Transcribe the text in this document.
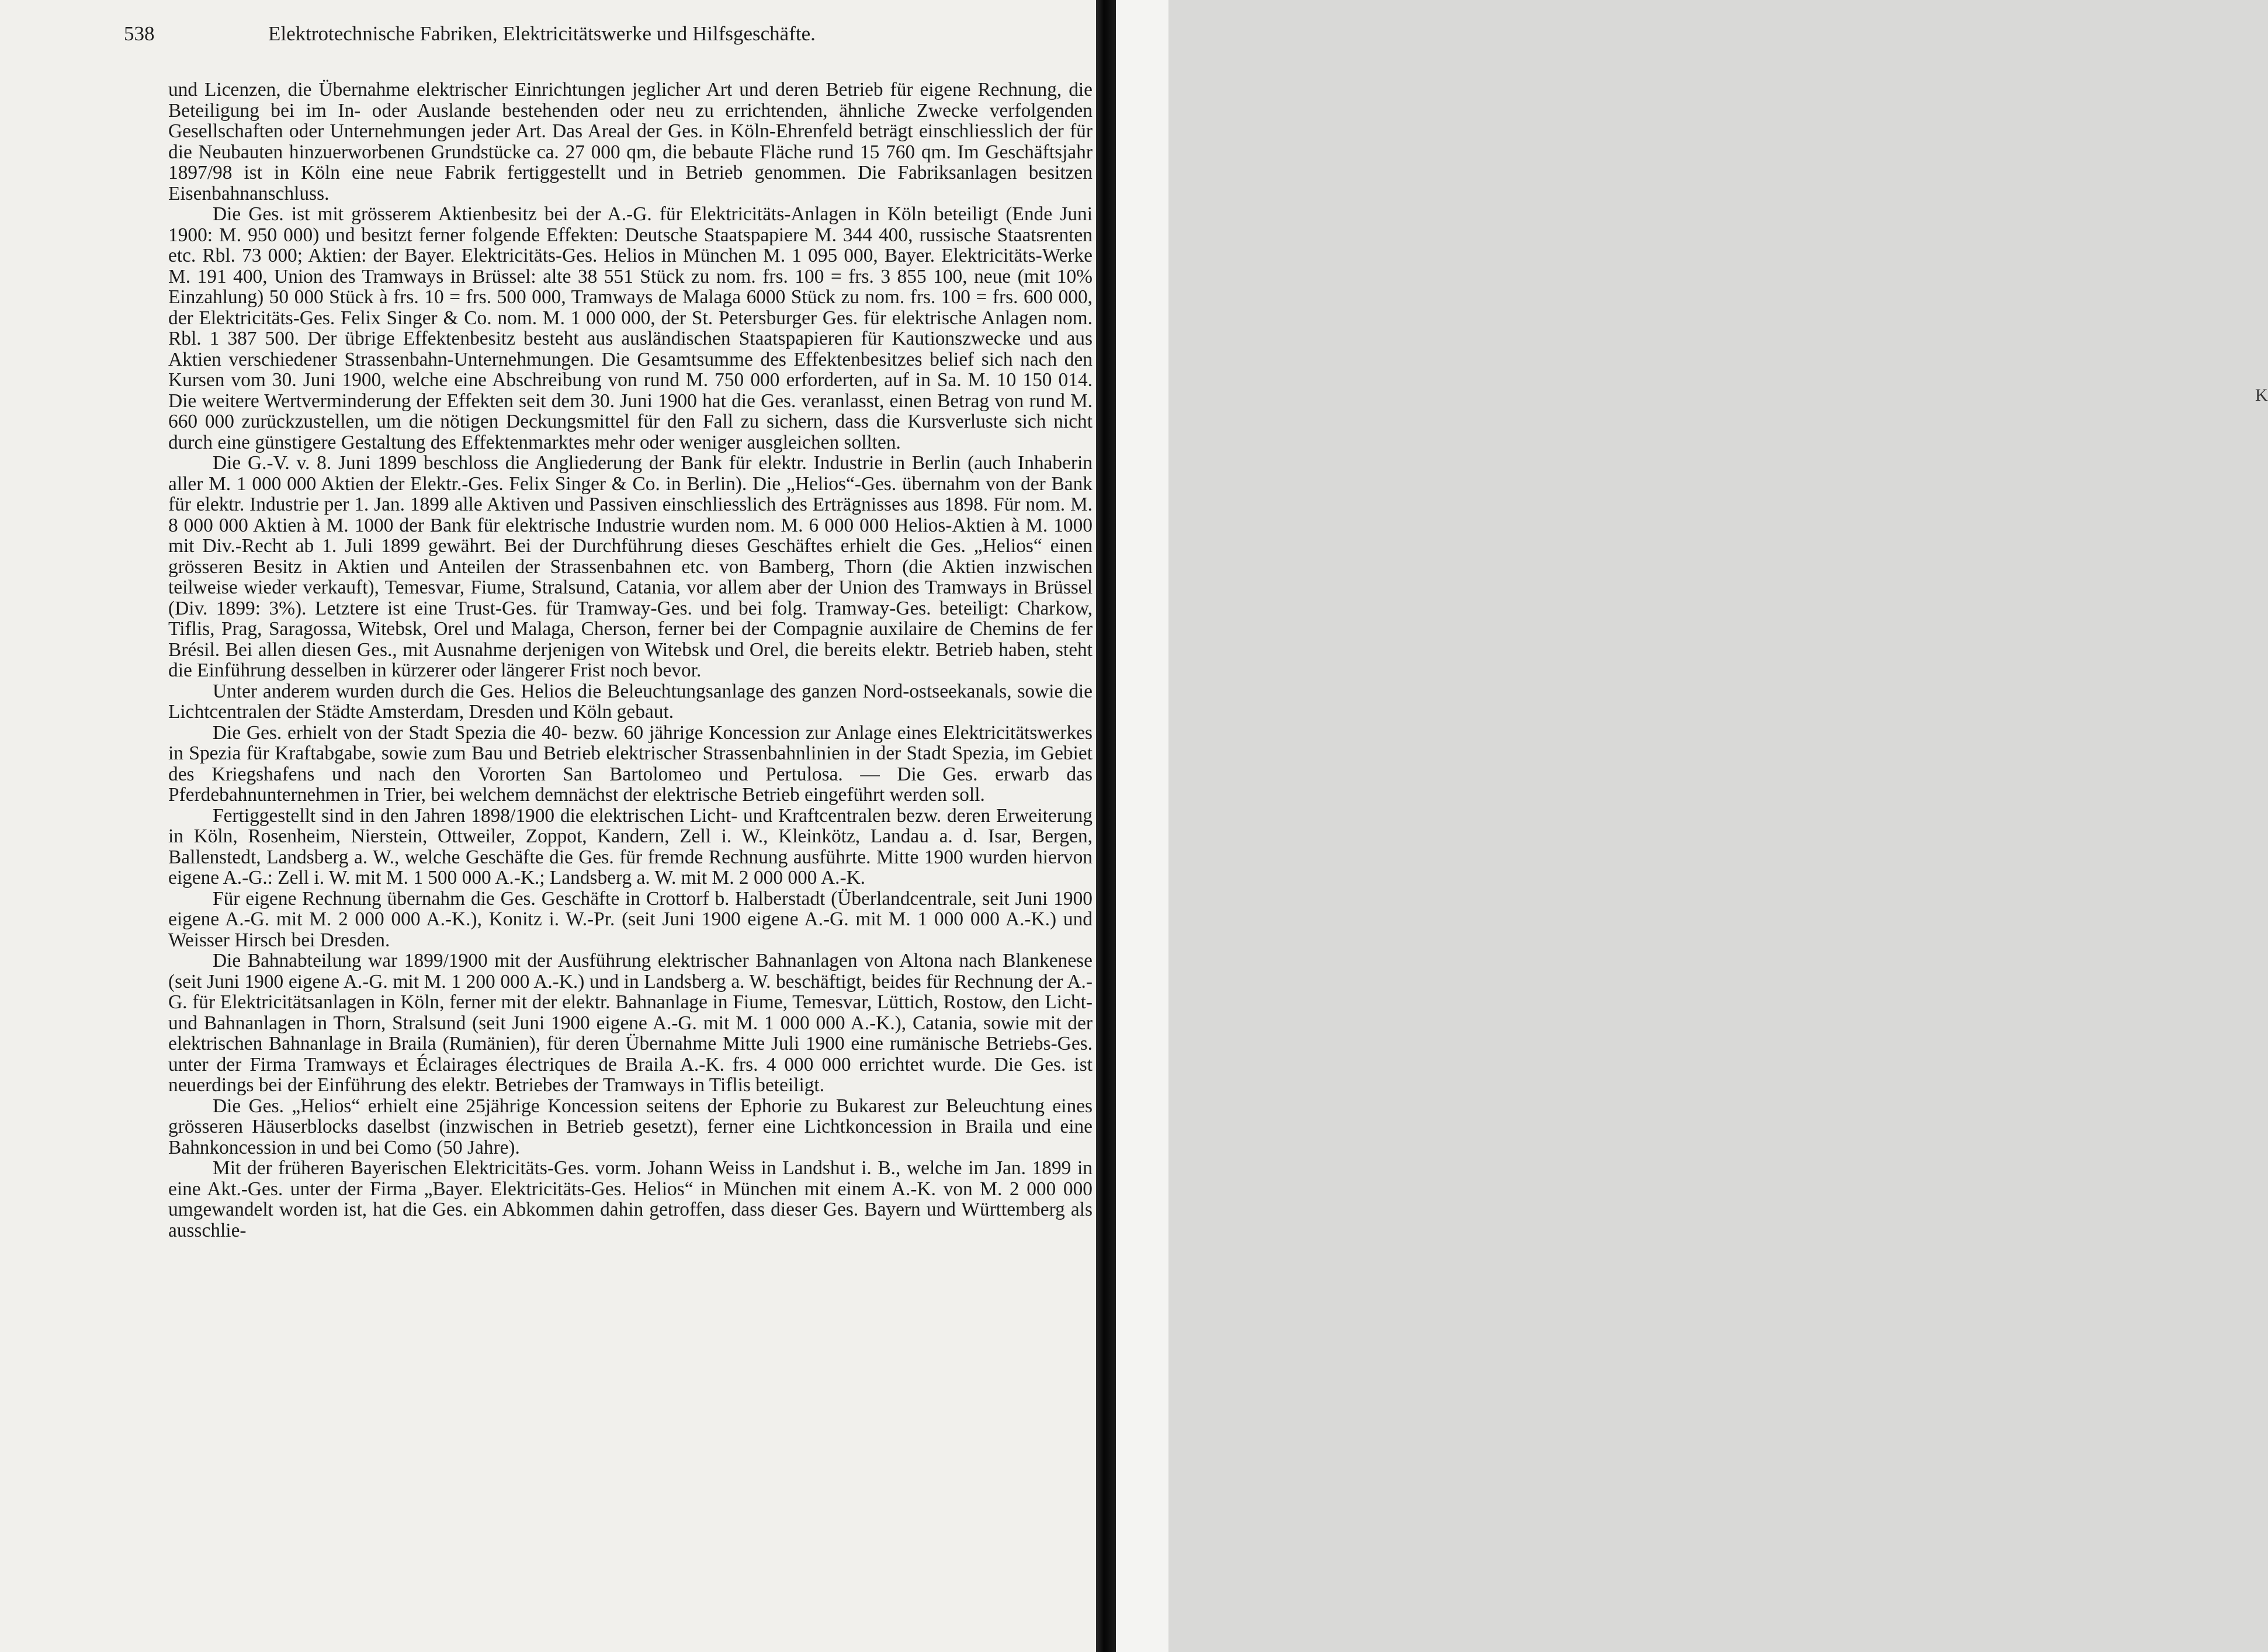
538	Elektrotechnische Fabriken, Elektricitätswerke und Hilfsgeschäfte.

und Licenzen, die Übernahme elektrischer Einrichtungen jeglicher Art und deren Betrieb für eigene Rechnung, die Beteiligung bei im In- oder Auslande bestehenden oder neu zu errichtenden, ähnliche Zwecke verfolgenden Gesellschaften oder Unternehmungen jeder Art. Das Areal der Ges. in Köln-Ehrenfeld beträgt einschliesslich der für die Neubauten hinzuerworbenen Grundstücke ca. 27 000 qm, die bebaute Fläche rund 15 760 qm. Im Geschäftsjahr 1897/98 ist in Köln eine neue Fabrik fertiggestellt und in Betrieb genommen. Die Fabriksanlagen besitzen Eisenbahnanschluss.

Die Ges. ist mit grösserem Aktienbesitz bei der A.-G. für Elektricitäts-Anlagen in Köln beteiligt (Ende Juni 1900: M. 950 000) und besitzt ferner folgende Effekten: Deutsche Staatspapiere M. 344 400, russische Staatsrenten etc. Rbl. 73 000; Aktien: der Bayer. Elektricitäts-Ges. Helios in München M. 1 095 000, Bayer. Elektricitäts-Werke M. 191 400, Union des Tramways in Brüssel: alte 38 551 Stück zu nom. frs. 100 = frs. 3 855 100, neue (mit 10% Einzahlung) 50 000 Stück à frs. 10 = frs. 500 000, Tramways de Malaga 6000 Stück zu nom. frs. 100 = frs. 600 000, der Elektricitäts-Ges. Felix Singer & Co. nom. M. 1 000 000, der St. Petersburger Ges. für elektrische Anlagen nom. Rbl. 1 387 500. Der übrige Effektenbesitz besteht aus ausländischen Staatspapieren für Kautionszwecke und aus Aktien verschiedener Strassenbahn-Unternehmungen. Die Gesamtsumme des Effektenbesitzes belief sich nach den Kursen vom 30. Juni 1900, welche eine Abschreibung von rund M. 750 000 erforderten, auf in Sa. M. 10 150 014. Die weitere Wertverminderung der Effekten seit dem 30. Juni 1900 hat die Ges. veranlasst, einen Betrag von rund M. 660 000 zurückzustellen, um die nötigen Deckungsmittel für den Fall zu sichern, dass die Kursverluste sich nicht durch eine günstigere Gestaltung des Effektenmarktes mehr oder weniger ausgleichen sollten.

Die G.-V. v. 8. Juni 1899 beschloss die Angliederung der Bank für elektr. Industrie in Berlin (auch Inhaberin aller M. 1 000 000 Aktien der Elektr.-Ges. Felix Singer & Co. in Berlin). Die „Helios“-Ges. übernahm von der Bank für elektr. Industrie per 1. Jan. 1899 alle Aktiven und Passiven einschliesslich des Erträgnisses aus 1898. Für nom. M. 8 000 000 Aktien à M. 1000 der Bank für elektrische Industrie wurden nom. M. 6 000 000 Helios-Aktien à M. 1000 mit Div.-Recht ab 1. Juli 1899 gewährt. Bei der Durchführung dieses Geschäftes erhielt die Ges. „Helios“ einen grösseren Besitz in Aktien und Anteilen der Strassenbahnen etc. von Bamberg, Thorn (die Aktien inzwischen teilweise wieder verkauft), Temesvar, Fiume, Stralsund, Catania, vor allem aber der Union des Tramways in Brüssel (Div. 1899: 3%). Letztere ist eine Trust-Ges. für Tramway-Ges. und bei folg. Tramway-Ges. beteiligt: Charkow, Tiflis, Prag, Saragossa, Witebsk, Orel und Malaga, Cherson, ferner bei der Compagnie auxilaire de Chemins de fer Brésil. Bei allen diesen Ges., mit Ausnahme derjenigen von Witebsk und Orel, die bereits elektr. Betrieb haben, steht die Einführung desselben in kürzerer oder längerer Frist noch bevor.

Unter anderem wurden durch die Ges. Helios die Beleuchtungsanlage des ganzen Nord-ostseekanals, sowie die Lichtcentralen der Städte Amsterdam, Dresden und Köln gebaut.

Die Ges. erhielt von der Stadt Spezia die 40- bezw. 60 jährige Koncession zur Anlage eines Elektricitätswerkes in Spezia für Kraftabgabe, sowie zum Bau und Betrieb elektrischer Strassenbahnlinien in der Stadt Spezia, im Gebiet des Kriegshafens und nach den Vororten San Bartolomeo und Pertulosa. — Die Ges. erwarb das Pferdebahnunternehmen in Trier, bei welchem demnächst der elektrische Betrieb eingeführt werden soll.

Fertiggestellt sind in den Jahren 1898/1900 die elektrischen Licht- und Kraftcentralen bezw. deren Erweiterung in Köln, Rosenheim, Nierstein, Ottweiler, Zoppot, Kandern, Zell i. W., Kleinkötz, Landau a. d. Isar, Bergen, Ballenstedt, Landsberg a. W., welche Geschäfte die Ges. für fremde Rechnung ausführte. Mitte 1900 wurden hiervon eigene A.-G.: Zell i. W. mit M. 1 500 000 A.-K.; Landsberg a. W. mit M. 2 000 000 A.-K.

Für eigene Rechnung übernahm die Ges. Geschäfte in Crottorf b. Halberstadt (Überlandcentrale, seit Juni 1900 eigene A.-G. mit M. 2 000 000 A.-K.), Konitz i. W.-Pr. (seit Juni 1900 eigene A.-G. mit M. 1 000 000 A.-K.) und Weisser Hirsch bei Dresden.

Die Bahnabteilung war 1899/1900 mit der Ausführung elektrischer Bahnanlagen von Altona nach Blankenese (seit Juni 1900 eigene A.-G. mit M. 1 200 000 A.-K.) und in Landsberg a. W. beschäftigt, beides für Rechnung der A.-G. für Elektricitätsanlagen in Köln, ferner mit der elektr. Bahnanlage in Fiume, Temesvar, Lüttich, Rostow, den Licht- und Bahnanlagen in Thorn, Stralsund (seit Juni 1900 eigene A.-G. mit M. 1 000 000 A.-K.), Catania, sowie mit der elektrischen Bahnanlage in Braila (Rumänien), für deren Übernahme Mitte Juli 1900 eine rumänische Betriebs-Ges. unter der Firma Tramways et Éclairages électriques de Braila A.-K. frs. 4 000 000 errichtet wurde. Die Ges. ist neuerdings bei der Einführung des elektr. Betriebes der Tramways in Tiflis beteiligt.

Die Ges. „Helios“ erhielt eine 25jährige Koncession seitens der Ephorie zu Bukarest zur Beleuchtung eines grösseren Häuserblocks daselbst (inzwischen in Betrieb gesetzt), ferner eine Lichtkoncession in Braila und eine Bahnkoncession in und bei Como (50 Jahre).

Mit der früheren Bayerischen Elektricitäts-Ges. vorm. Johann Weiss in Landshut i. B., welche im Jan. 1899 in eine Akt.-Ges. unter der Firma „Bayer. Elektricitäts-Ges. Helios“ in München mit einem A.-K. von M. 2 000 000 umgewandelt worden ist, hat die Ges. ein Abkommen dahin getroffen, dass dieser Ges. Bayern und Württemberg als ausschlie-

K
